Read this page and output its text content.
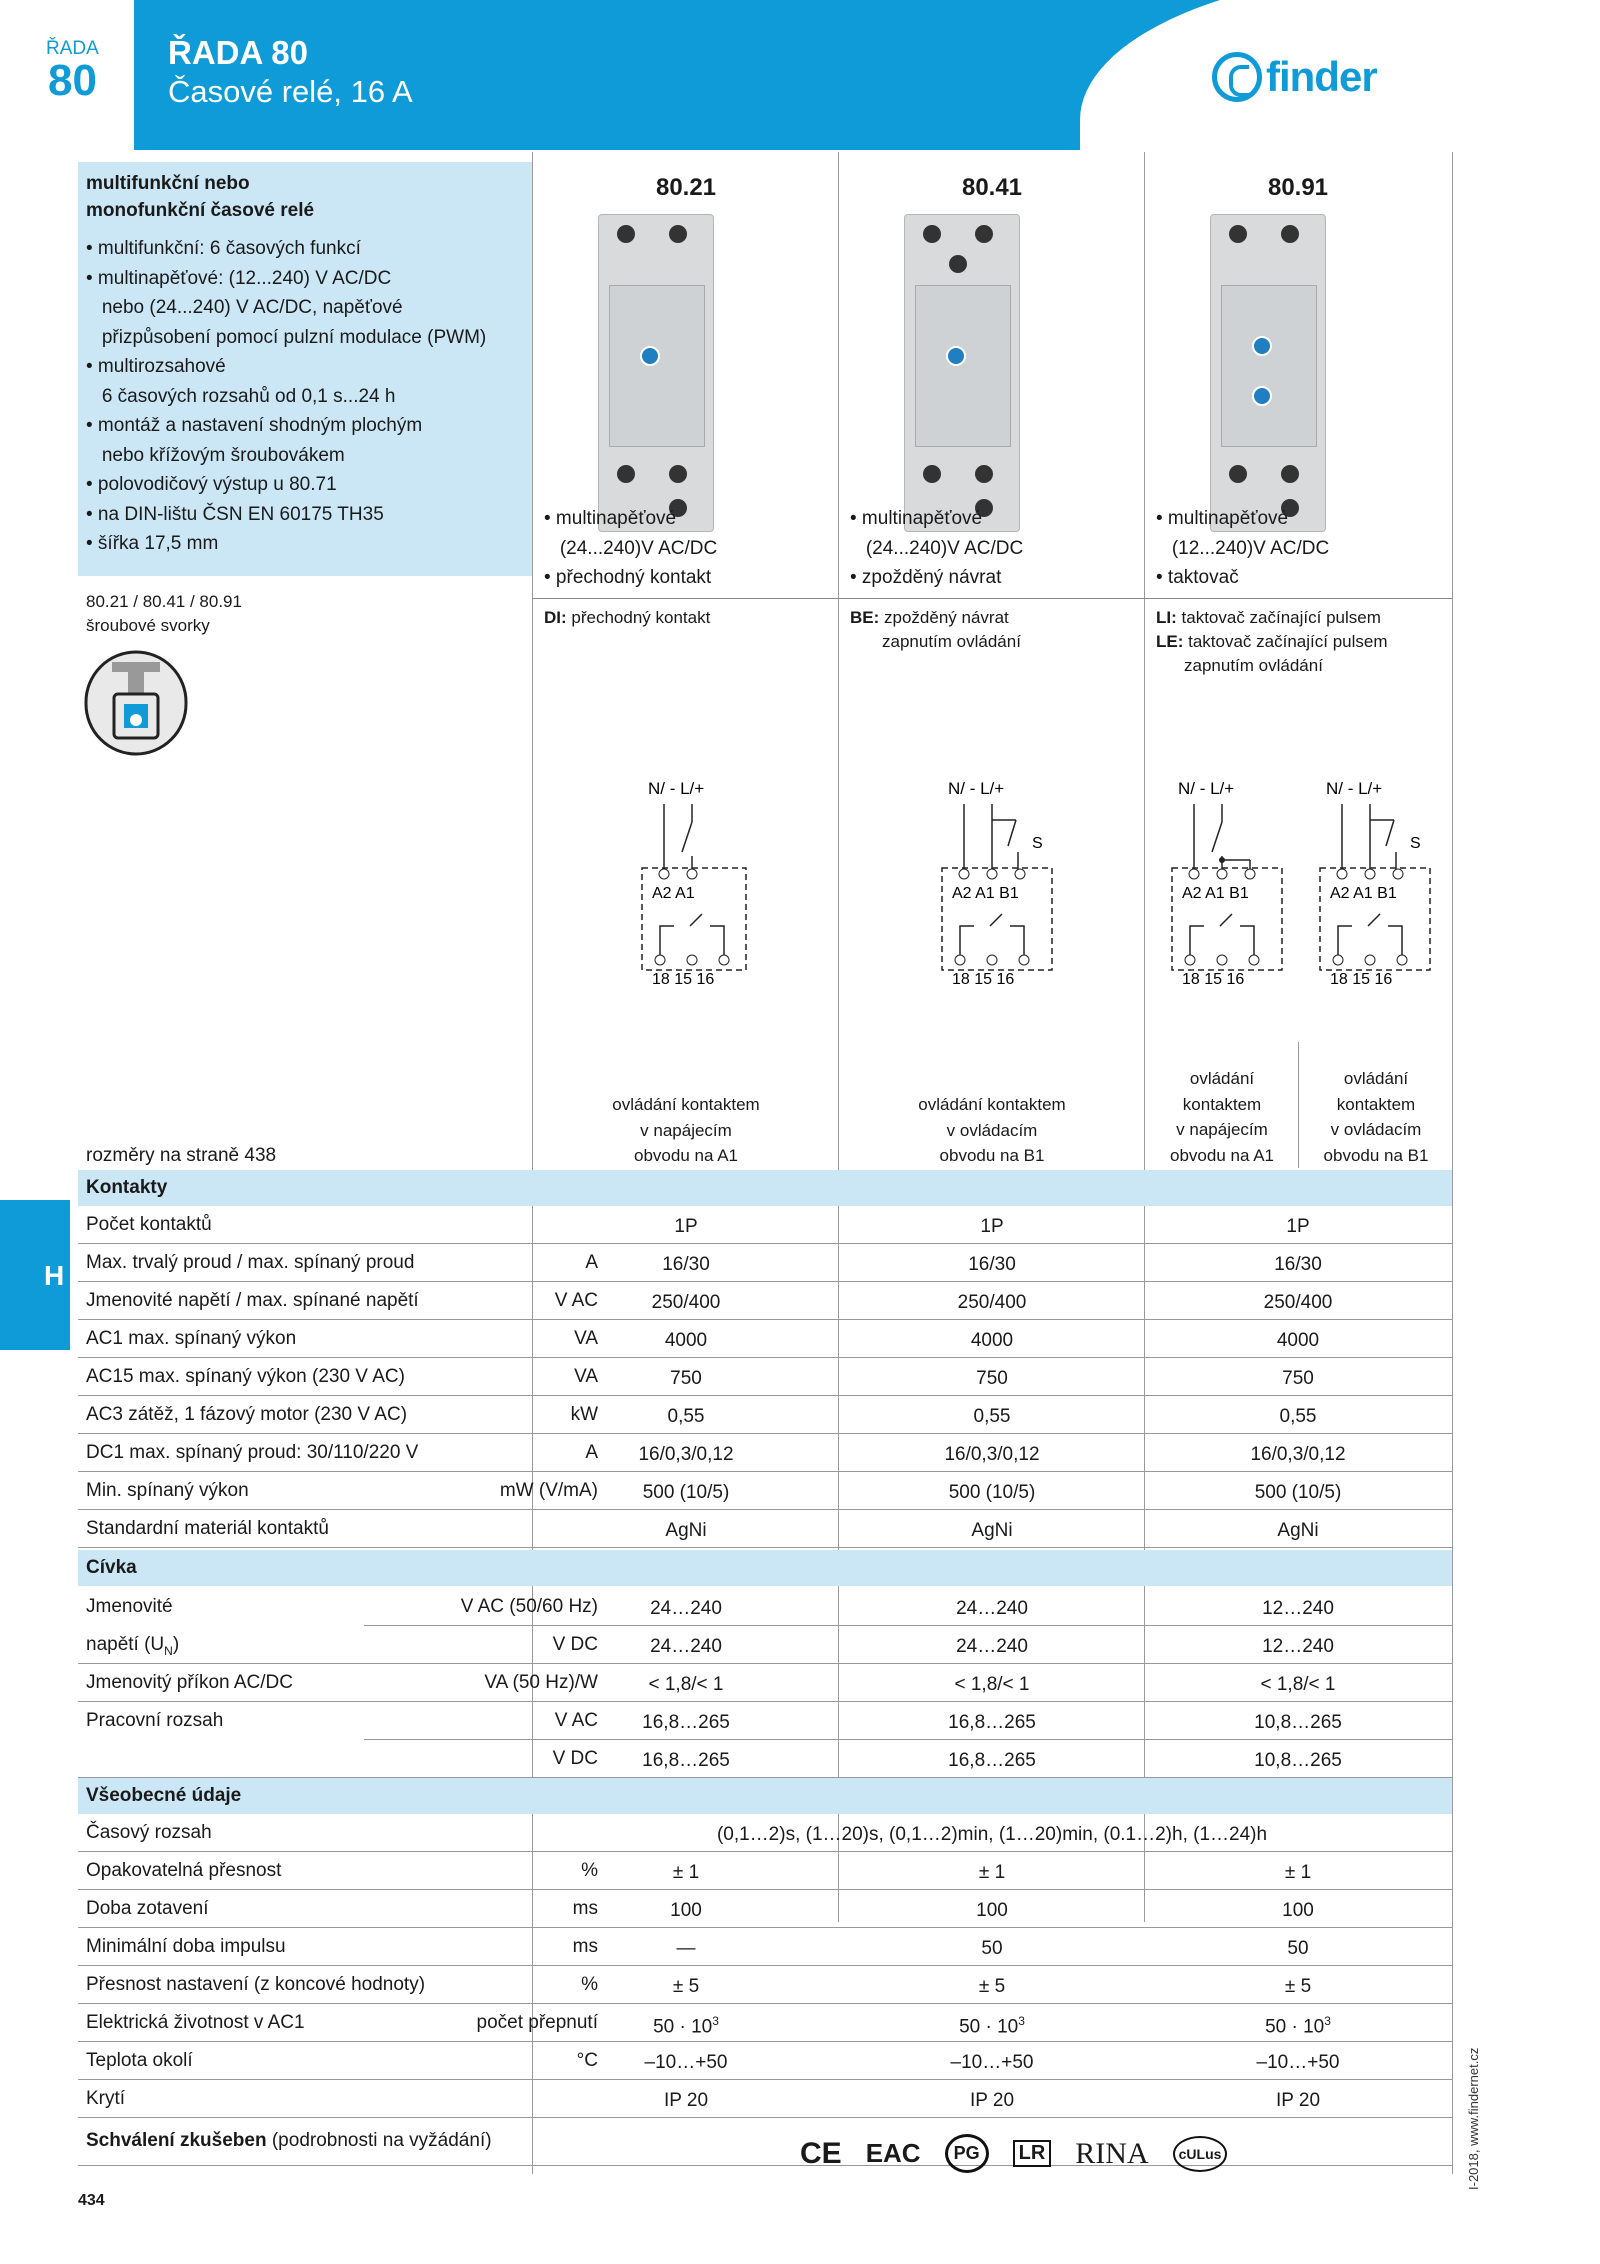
ŘADA
80
ŘADA 80
Časové relé, 16 A	finder
H
multifunkční nebo
monofunkční časové relé
• multifunkční: 6 časových funkcí
• multinapěťové: (12...240) V AC/DC
nebo (24...240) V AC/DC, napěťové
přizpůsobení pomocí pulzní modulace (PWM)
• multirozsahové
6 časových rozsahů od 0,1 s...24 h
• montáž a nastavení shodným plochým
nebo křížovým šroubovákem
• polovodičový výstup u 80.71
• na DIN-lištu ČSN EN 60175 TH35
• šířka 17,5 mm
80.21 / 80.41 / 80.91
šroubové svorky
rozměry na straně 438
80.21	80.41	80.91
• multinapěťové
(24...240)V AC/DC
• přechodný kontakt
• multinapěťové
(24...240)V AC/DC
• zpožděný návrat
• multinapěťové
(12...240)V AC/DC
• taktovač
DI: přechodný kontakt	BE: zpožděný návrat
zapnutím ovládání
LI: taktovač začínající pulsem
LE: taktovač začínající pulsem
zapnutím ovládání
N/ - L/+
A2 A1
18 15 16
N/ - L/+
S
A2 A1 B1
18 15 16
N/ - L/+
A2 A1 B1
18 15 16
N/ - L/+
S
A2 A1 B1
18 15 16
ovládání kontaktem
v napájecím
obvodu na A1
ovládání kontaktem
v ovládacím
obvodu na B1
ovládání
kontaktem
v napájecím
obvodu na A1
ovládání
kontaktem
v ovládacím
obvodu na B1
Kontakty
Počet kontaktů	1P	1P	1P
Max. trvalý proud / max. spínaný proud	A	16/30	16/30	16/30
Jmenovité napětí / max. spínané napětí	V AC	250/400	250/400	250/400
AC1 max. spínaný výkon	VA	4000	4000	4000
AC15 max. spínaný výkon (230 V AC)	VA	750	750	750
AC3 zátěž, 1 fázový motor (230 V AC)	kW	0,55	0,55	0,55
DC1 max. spínaný proud: 30/110/220 V	A	16/0,3/0,12	16/0,3/0,12	16/0,3/0,12
Min. spínaný výkon	mW (V/mA)	500 (10/5)	500 (10/5)	500 (10/5)
Standardní materiál kontaktů	AgNi	AgNi	AgNi
Cívka
Jmenovité	V AC (50/60 Hz)	24…240	24…240	12…240
napětí $(U_N)$	V DC	24…240	24…240	12…240
Jmenovitý příkon AC/DC	VA (50 Hz)/W	< 1,8/< 1	< 1,8/< 1	< 1,8/< 1
Pracovní rozsah	V AC	16,8…265	16,8…265	10,8…265
V DC	16,8…265	16,8…265	10,8…265
Všeobecné údaje
Časový rozsah	(0,1…2)s, (1…20)s, (0,1…2)min, (1…20)min, (0.1…2)h, (1…24)h
Opakovatelná přesnost	%	± 1	± 1	± 1
Doba zotavení	ms	100	100	100
Minimální doba impulsu	ms	—	50	50
Přesnost nastavení (z koncové hodnoty)	%	± 5	± 5	± 5
Elektrická životnost v AC1	počet přepnutí	$50 \cdot 10^3$	$50 \cdot 10^3$	$50 \cdot 10^3$
Teplota okolí	°C	–10…+50	–10…+50	–10…+50
Krytí	IP 20	IP 20	IP 20
Schválení zkušeben (podrobnosti na vyžádání)	CE EAC	PG	LR RINA	cULus
434
I-2018, www.findernet.cz
